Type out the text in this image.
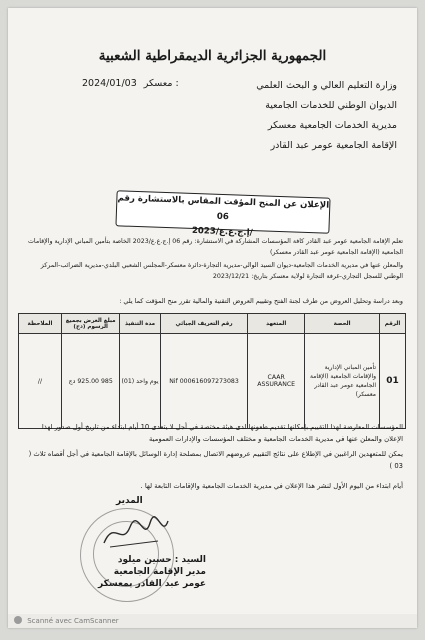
الجمهورية الجزائرية الديمقراطية الشعبية
وزارة التعليم العالي و البحث العلمي
الديوان الوطني للخدمات الجامعية
مديرية الخدمات الجامعية معسكر
الإقامة الجامعية عومر عبد القادر
2024/01/03 معسكر :
الإعلان عن المنح المؤقت المقاس بالاستشارة رقم 06
/إ.ج.ع.ع/2023
تعلم الإقامة الجامعية عومر عبد القادر كافة المؤسسات المشاركة في الاستشارة: رقم 06 إ.ج.ع.ع/2023 الخاصة بتأمين المباني الإدارية والإقامات الجامعية (الإقامة الجامعية عومر عبد القادر معسكر)
والمعلن عنها في مديرية الخدمات الجامعية-ديوان السيد الوالي-مديرية التجارة-دائرة معسكر-المجلس الشعبي البلدي-مديرية الضرائب-المركز الوطني للسجل التجاري-غرفة التجارة لولاية معسكر بتاريخ: 2023/12/21
وبعد دراسة وتحليل العروض من طرف لجنة الفتح وتقييم العروض التقنية والمالية تقرر منح المؤقت كما يلي :
الرقم	الحصة	المتعهد	رقم التعريف الجبائي	مدة التنفيذ	مبلغ العرض بجميع الرسوم (دج)	الملاحظة
01	تأمين المباني الإدارية والإقامات الجامعية (الإقامة الجامعية عومر عبد القادر معسكر)	CAAR ASSURANCE	Nif 000616097273083	يوم واحد (01)	985 925.00 دج	//
المؤسسات المعارضة لهذا التقييم بإمكانها تقديم طعونها لدى هيئة مختصة في أجل لا يتعدى 10 أيام ابتداء من تاريخ أول صدور لهذا الإعلان والمعلن عنها في مديرية الخدمات الجامعية و مختلف المؤسسات والإدارات العمومية
يمكن للمتعهدين الراغبين في الإطلاع على نتائج التقييم عروضهم الاتصال بمصلحة إدارة الوسائل بالإقامة الجامعية في أجل أقصاه ثلاث ( 03 )
أيام ابتداء من اليوم الأول لنشر هذا الإعلان في مديرية الخدمات الجامعية والإقامات التابعة لها .
المدير
السيد : حسين ميلود
مدير الإقامة الجامعية
عومر عبد القادر بمعسكر
Scanné avec CamScanner
